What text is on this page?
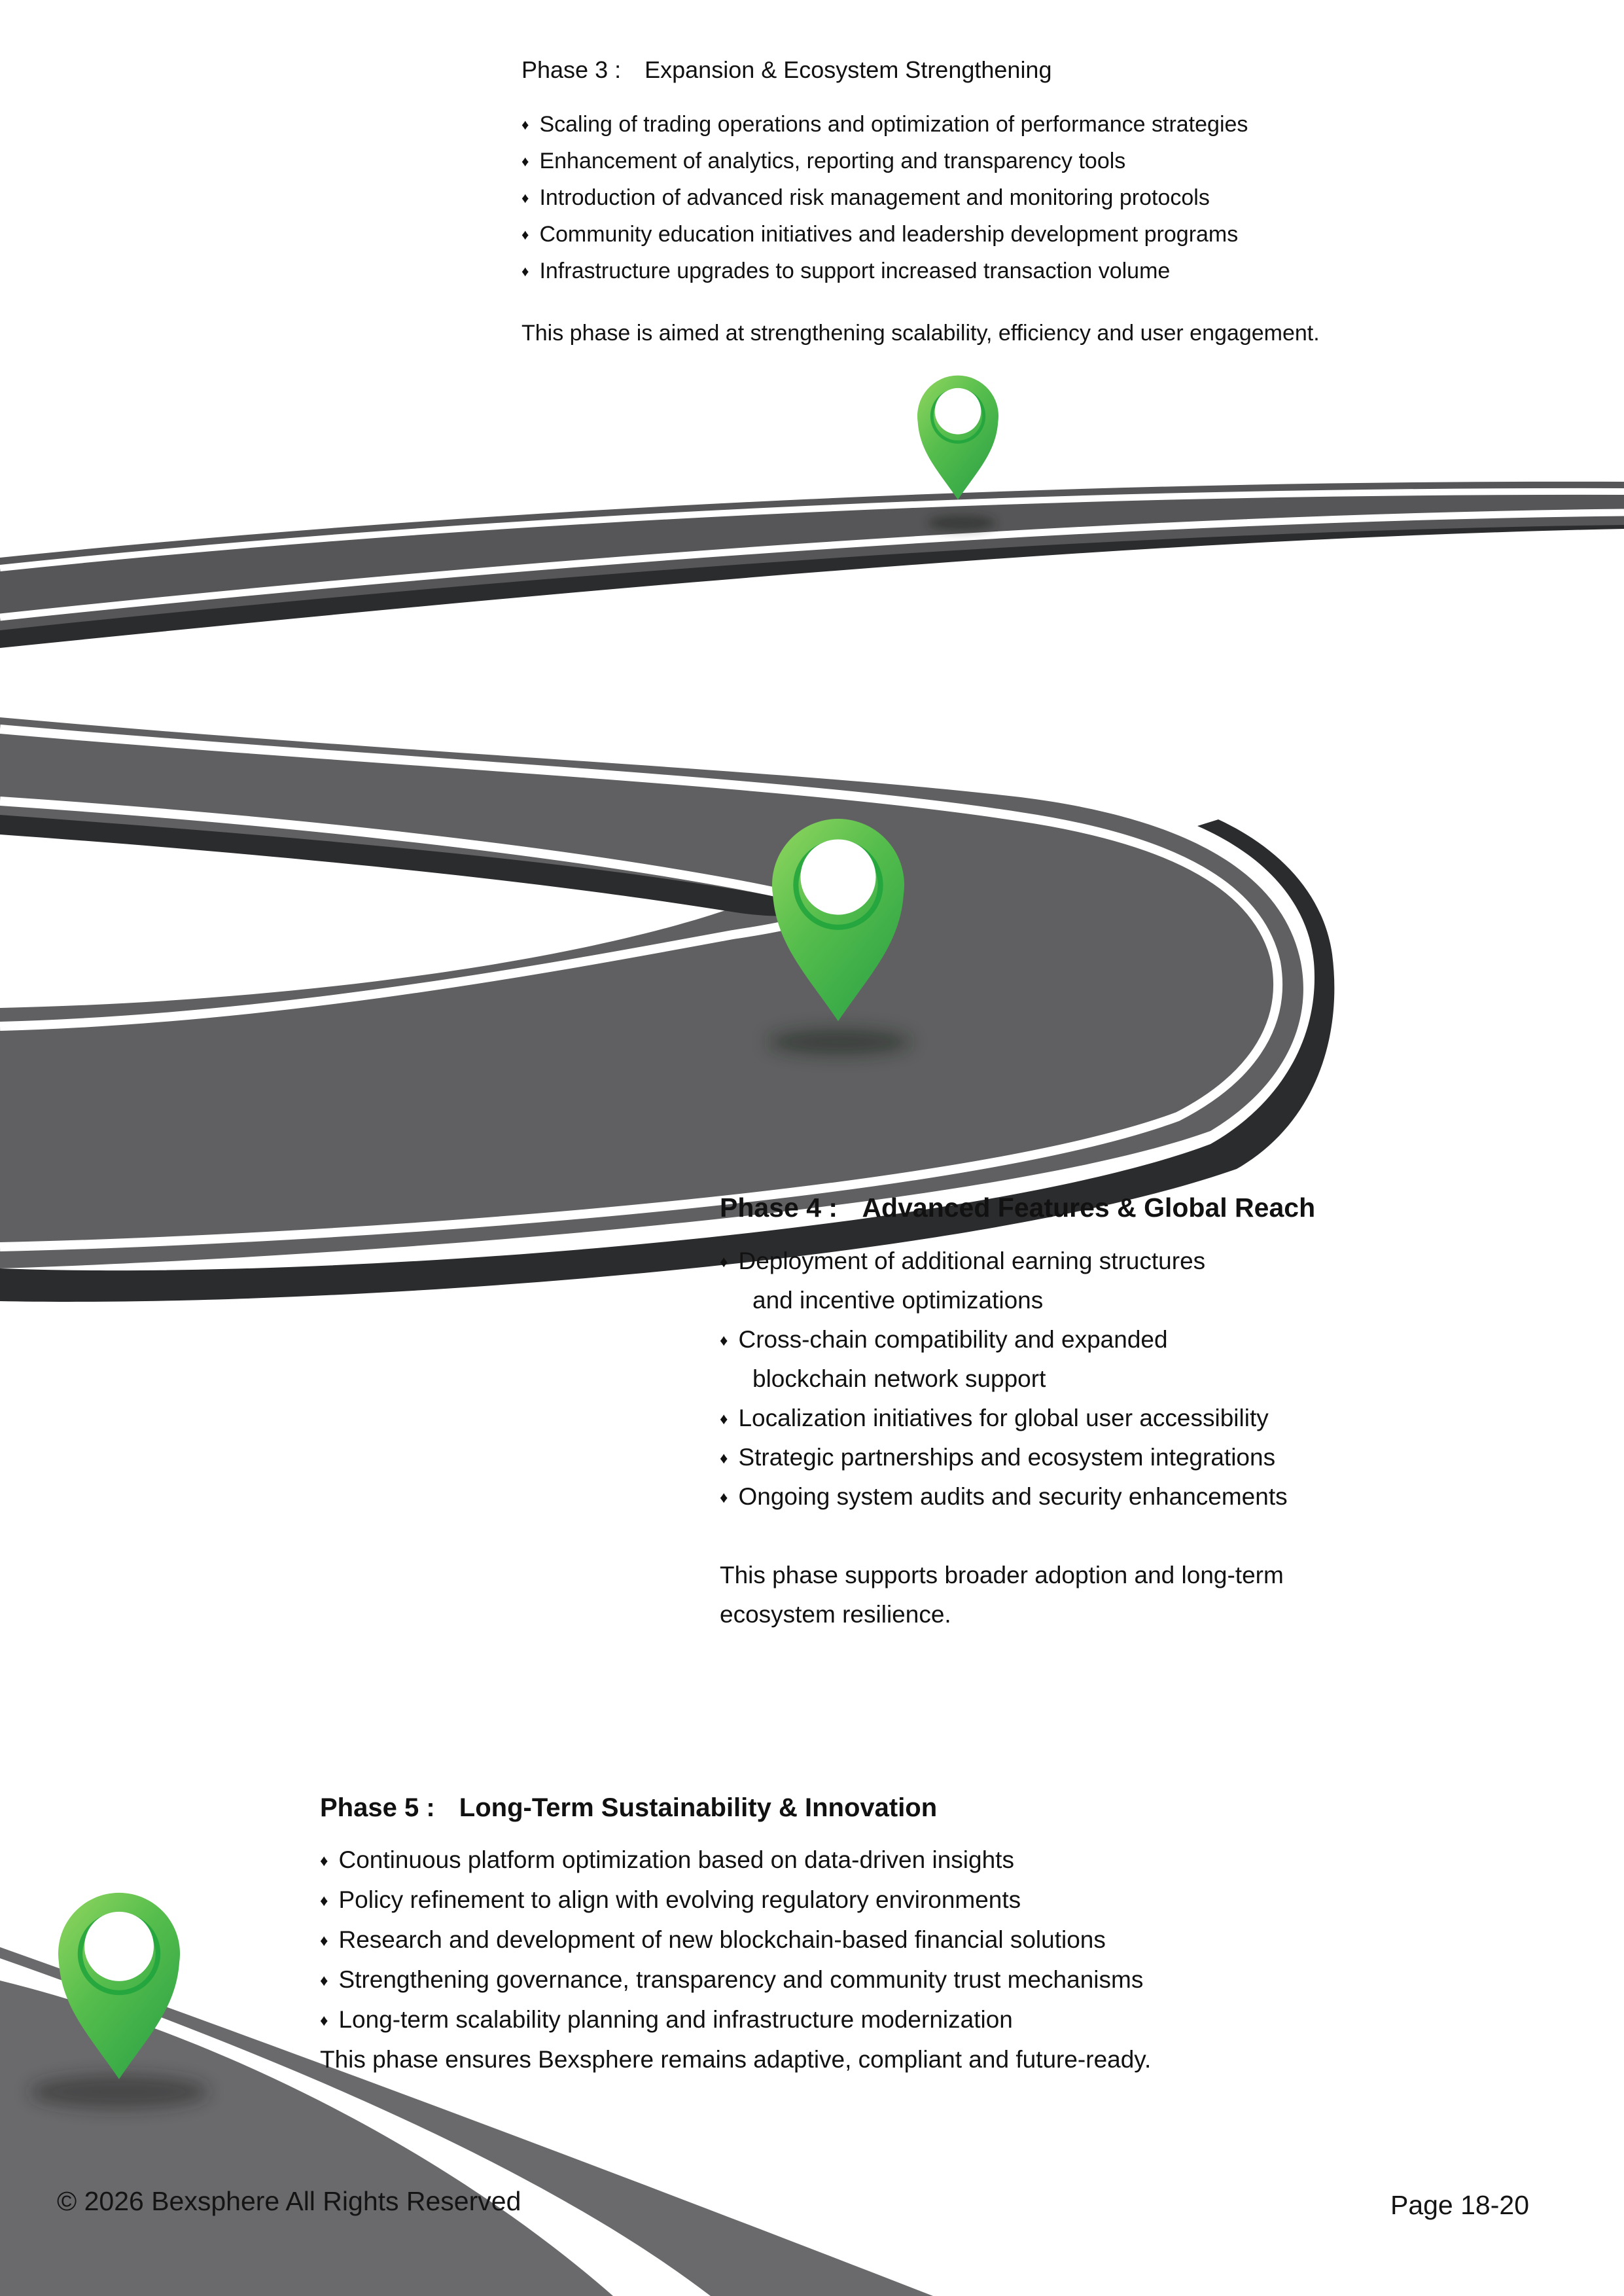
Phase 3 : Expansion & Ecosystem Strengthening
♦ Scaling of trading operations and optimization of performance strategies
♦ Enhancement of analytics, reporting and transparency tools
♦ Introduction of advanced risk management and monitoring protocols
♦ Community education initiatives and leadership development programs
♦ Infrastructure upgrades to support increased transaction volume
This phase is aimed at strengthening scalability, efficiency and user engagement.
Phase 4 : Advanced Features & Global Reach
♦ Deployment of additional earning structures
and incentive optimizations
♦ Cross-chain compatibility and expanded
blockchain network support
♦ Localization initiatives for global user accessibility
♦ Strategic partnerships and ecosystem integrations
♦ Ongoing system audits and security enhancements
This phase supports broader adoption and long-term
ecosystem resilience.
Phase 5 : Long-Term Sustainability & Innovation
♦ Continuous platform optimization based on data-driven insights
♦ Policy refinement to align with evolving regulatory environments
♦ Research and development of new blockchain-based financial solutions
♦ Strengthening governance, transparency and community trust mechanisms
♦ Long-term scalability planning and infrastructure modernization
This phase ensures Bexsphere remains adaptive, compliant and future-ready.
© 2026 Bexsphere All Rights Reserved	Page 18-20
